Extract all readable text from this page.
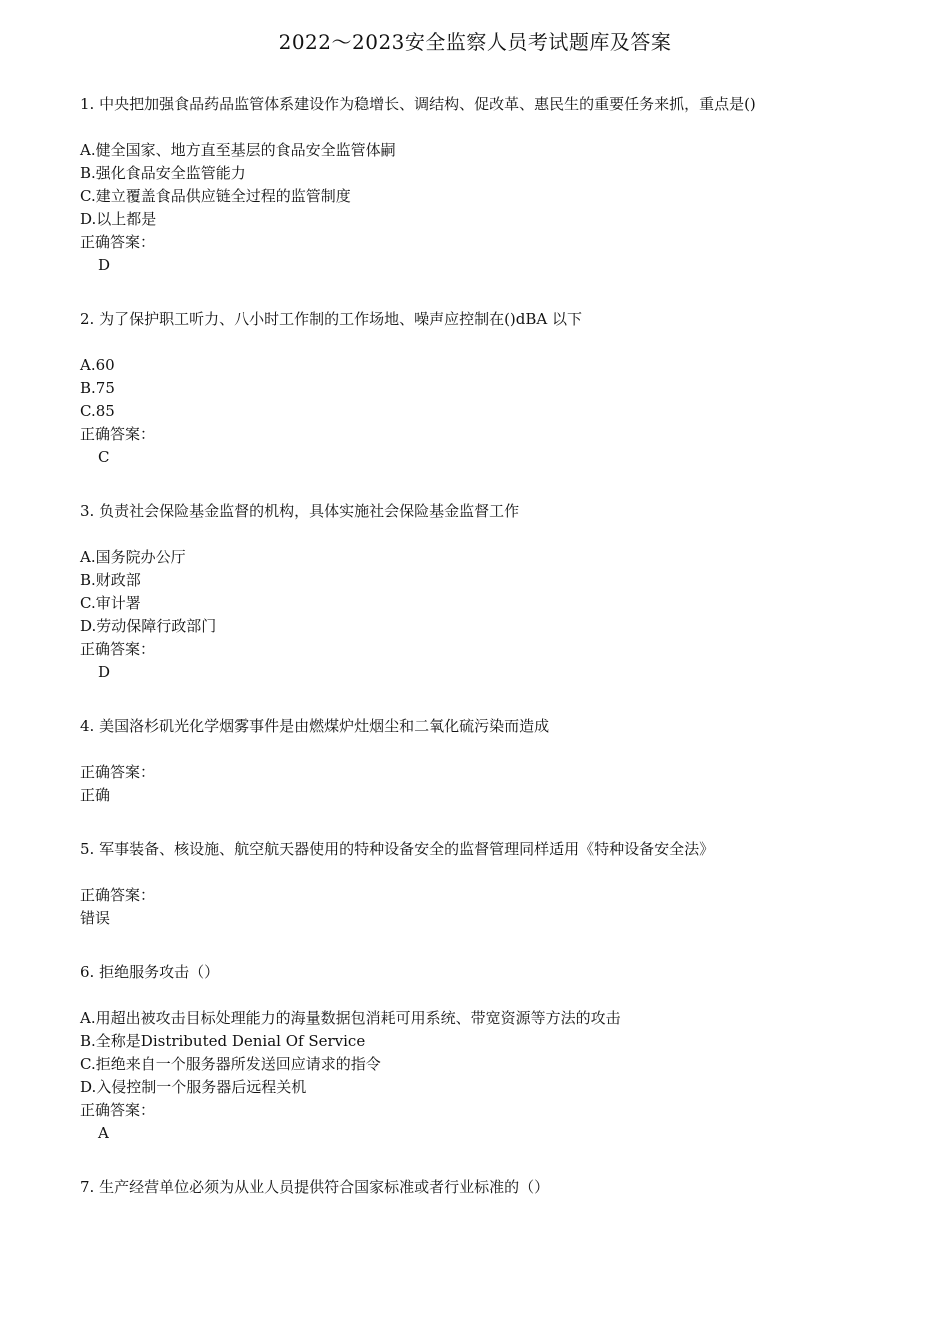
2022～2023安全监察人员考试题库及答案
1. 中央把加强食品药品监管体系建设作为稳增长、调结构、促改革、惠民生的重要任务来抓，重点是()
A.健全国家、地方直至基层的食品安全监管体嗣
B.强化食品安全监管能力
C.建立覆盖食品供应链全过程的监管制度
D.以上都是
正确答案：
D
2. 为了保护职工听力、八小时工作制的工作场地、噪声应控制在()dBA 以下
A.60
B.75
C.85
正确答案：
C
3. 负责社会保险基金监督的机构，具体实施社会保险基金监督工作
A.国务院办公厅
B.财政部
C.审计署
D.劳动保障行政部门
正确答案：
D
4. 美国洛杉矶光化学烟雾事件是由燃煤炉灶烟尘和二氧化硫污染而造成
正确答案：
正确
5. 军事装备、核设施、航空航天器使用的特种设备安全的监督管理同样适用《特种设备安全法》
正确答案：
错误
6. 拒绝服务攻击（）
A.用超出被攻击目标处理能力的海量数据包消耗可用系统、带宽资源等方法的攻击
B.全称是Distributed Denial Of Service
C.拒绝来自一个服务器所发送回应请求的指令
D.入侵控制一个服务器后远程关机
正确答案：
A
7. 生产经营单位必须为从业人员提供符合国家标准或者行业标准的（）
